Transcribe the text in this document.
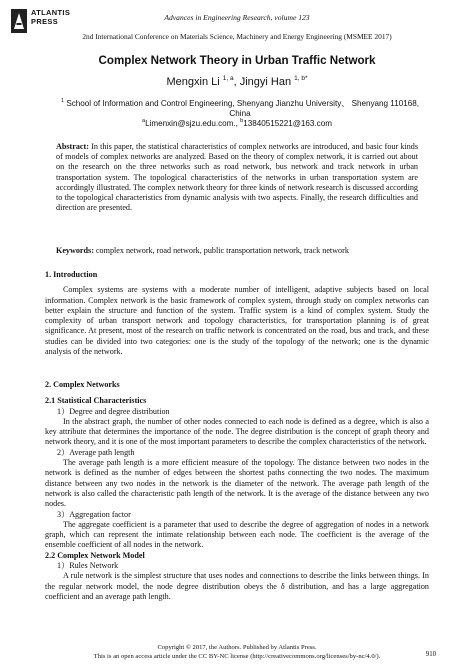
ATLANTIS
PRESS	Advances in Engineering Research, volume 123
2nd International Conference on Materials Science, Machinery and Energy Engineering (MSMEE 2017)
Complex Network Theory in Urban Traffic Network
Mengxin Li $^{1, a}$, Jingyi Han $^{1, b*}$
$^1$ School of Information and Control Engineering, Shenyang Jianzhu University、 Shenyang 110168,
China
$^a$Limenxin@sjzu.edu.com., $^b$13840515221@163.com
Abstract: In this paper, the statistical characteristics of complex networks are introduced, and basic four kinds of models of complex networks are analyzed. Based on the theory of complex network, it is carried out about on the research on the three networks such as road network, bus network and track network in urban transportation system. The topological characteristics of the networks in urban transportation system are accordingly illustrated. The complex network theory for three kinds of network research is discussed according to the topological characteristics from dynamic analysis with two aspects. Finally, the research difficulties and direction are presented.
Keywords: complex network, road network, public transportation network, track network
1. Introduction

Complex systems are systems with a moderate number of intelligent, adaptive subjects based on local information. Complex network is the basic framework of complex system, through study on complex networks can better explain the structure and function of the system. Traffic system is a kind of complex system. Study the complexity of urban transport network and topology characteristics, for transportation planning is of great significance. At present, most of the research on traffic network is concentrated on the road, bus and track, and these studies can be divided into two categories: one is the study of the topology of the network; one is the dynamic analysis of the network.

2. Complex Networks
2.1 Statistical Characteristics

1）Degree and degree distribution

In the abstract graph, the number of other nodes connected to each node is defined as a degree, which is also a key attribute that determines the importance of the node. The degree distribution is the concept of graph theory and network theory, and it is one of the most important parameters to describe the complex characteristics of the network.

2）Average path length

The average path length is a more efficient measure of the topology. The distance between two nodes in the network is defined as the number of edges between the shortest paths connecting the two nodes. The maximum distance between any two nodes in the network is the diameter of the network. The average path length of the network is also called the characteristic path length of the network. It is the average of the distance between any two nodes.

3）Aggregation factor

The aggregate coefficient is a parameter that used to describe the degree of aggregation of nodes in a network graph, which can represent the intimate relationship between each node. The coefficient is the average of the ensemble coefficient of all nodes in the network.

2.2 Complex Network Model

1）Rules Network

A rule network is the simplest structure that uses nodes and connections to describe the links between things. In the regular network model, the node degree distribution obeys the δ distribution, and has a large aggregation coefficient and an average path length.

Copyright © 2017, the Authors. Published by Atlantis Press.
This is an open access article under the CC BY-NC license (http://creativecommons.org/licenses/by-nc/4.0/).	910
